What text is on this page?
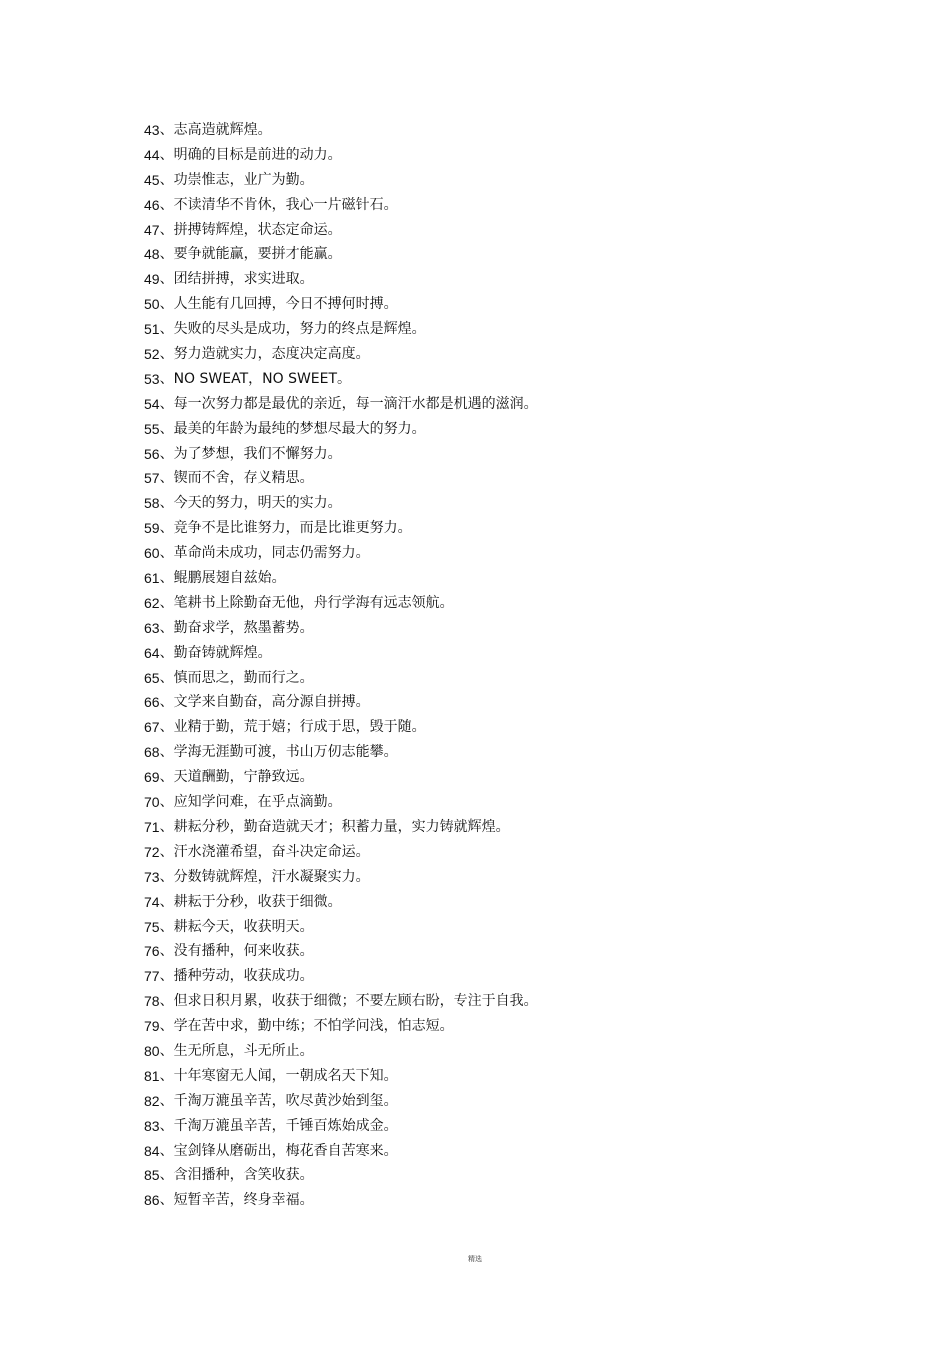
43 、 志高造就辉煌。
44 、 明确的目标是前进的动力。
45 、 功崇惟志，业广为勤。
46 、 不读清华不肯休，我心一片磁针石。
47 、 拼搏铸辉煌，状态定命运。
48 、 要争就能赢，要拼才能赢。
49 、 团结拼搏，求实进取。
50 、 人生能有几回搏，今日不搏何时搏。
51 、 失败的尽头是成功，努力的终点是辉煌。
52 、 努力造就实力，态度决定高度。
53 、 NO SWEAT，NO SWEET。
54 、 每一次努力都是最优的亲近，每一滴汗水都是机遇的滋润。
55 、 最美的年龄为最纯的梦想尽最大的努力。
56 、 为了梦想，我们不懈努力。
57 、 锲而不舍，存义精思。
58 、 今天的努力，明天的实力。
59 、 竞争不是比谁努力，而是比谁更努力。
60 、 革命尚未成功，同志仍需努力。
61 、 鲲鹏展翅自兹始。
62 、 笔耕书上除勤奋无他，舟行学海有远志领航。
63 、 勤奋求学，熬墨蓄势。
64 、 勤奋铸就辉煌。
65 、 慎而思之，勤而行之。
66 、 文学来自勤奋，高分源自拼搏。
67 、 业精于勤，荒于嬉；行成于思，毁于随。
68 、 学海无涯勤可渡，书山万仞志能攀。
69 、 天道酬勤，宁静致远。
70 、 应知学问难，在乎点滴勤。
71 、 耕耘分秒，勤奋造就天才；积蓄力量，实力铸就辉煌。
72 、 汗水浇灌希望，奋斗决定命运。
73 、 分数铸就辉煌，汗水凝聚实力。
74 、 耕耘于分秒，收获于细微。
75 、 耕耘今天，收获明天。
76 、 没有播种，何来收获。
77 、 播种劳动，收获成功。
78 、 但求日积月累，收获于细微；不要左顾右盼，专注于自我。
79 、 学在苦中求，勤中练；不怕学问浅，怕志短。
80 、 生无所息，斗无所止。
81 、 十年寒窗无人闻，一朝成名天下知。
82 、 千淘万漉虽辛苦，吹尽黄沙始到玺。
83 、 千淘万漉虽辛苦，千锤百炼始成金。
84 、 宝剑锋从磨砺出，梅花香自苦寒来。
85 、 含泪播种，含笑收获。
86 、 短暂辛苦，终身幸福。
精选
